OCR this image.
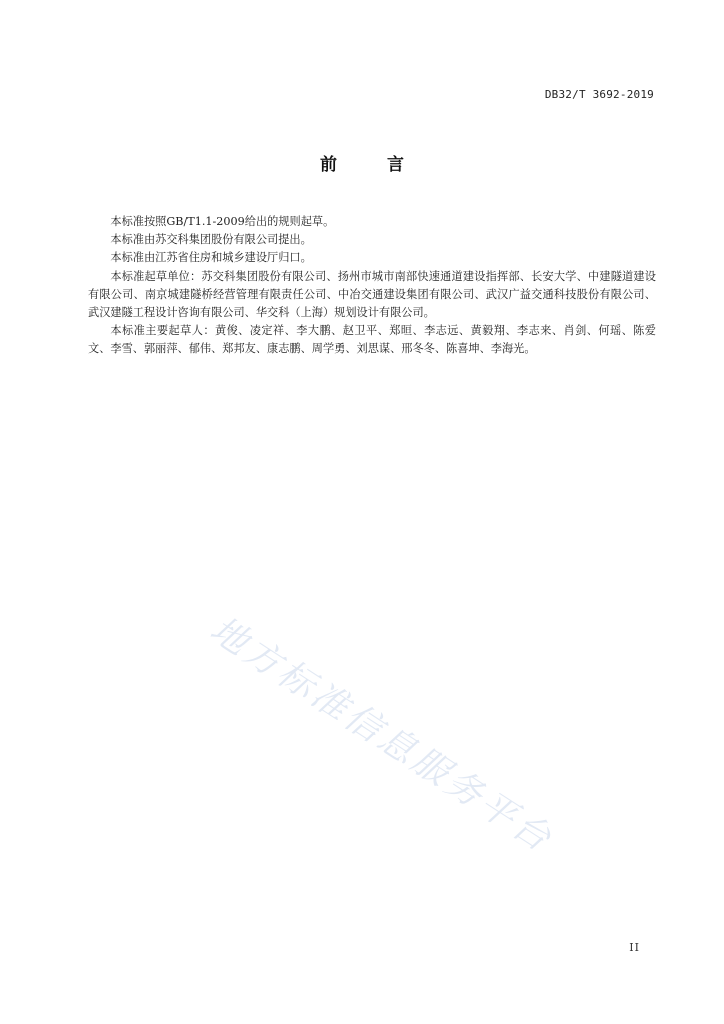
DB32/T 3692-2019
前 言

本标准按照GB/T1.1-2009给出的规则起草。

本标准由苏交科集团股份有限公司提出。

本标准由江苏省住房和城乡建设厅归口。

本标准起草单位：苏交科集团股份有限公司、扬州市城市南部快速通道建设指挥部、长安大学、中建隧道建设有限公司、南京城建隧桥经营管理有限责任公司、中冶交通建设集团有限公司、武汉广益交通科技股份有限公司、武汉建隧工程设计咨询有限公司、华交科（上海）规划设计有限公司。

本标准主要起草人：黄俊、凌定祥、李大鹏、赵卫平、郑晅、李志远、黄毅翔、李志来、肖剑、何瑶、陈爱文、李雪、郭丽萍、郁伟、郑邦友、康志鹏、周学勇、刘思谋、邢冬冬、陈喜坤、李海光。

地方标准信息服务平台
II
